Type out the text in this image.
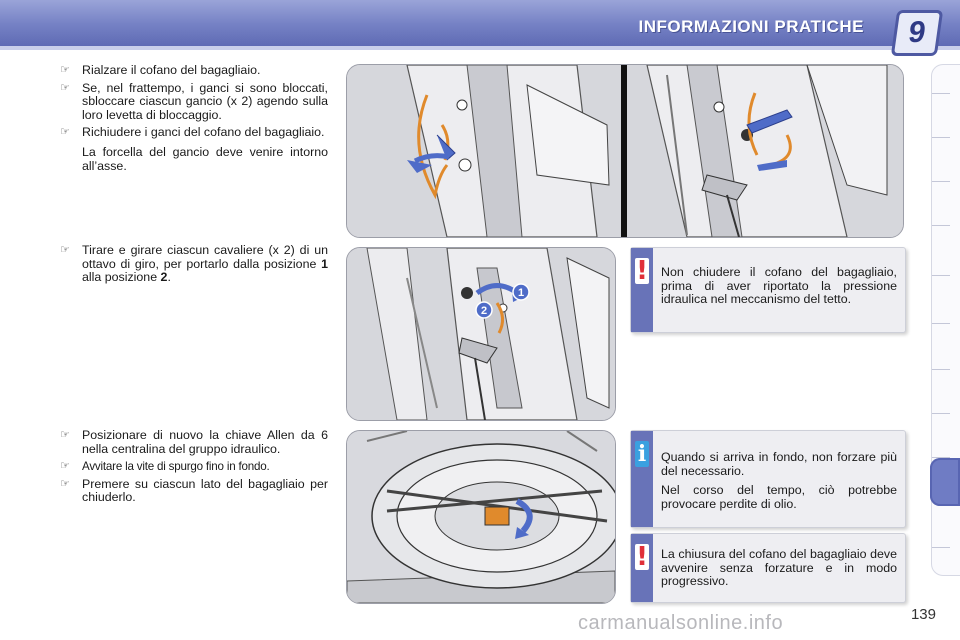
INFORMAZIONI PRATICHE	9
☞ Rialzare il cofano del bagagliaio.
☞ Se, nel frattempo, i ganci si sono bloccati, sbloccare ciascun gancio (x 2) agendo sulla loro levetta di bloccaggio.
☞ Richiudere i ganci del cofano del bagagliaio.
La forcella del gancio deve venire intorno all’asse.
☞ Tirare e girare ciascun cavaliere (x 2) di un ottavo di giro, per portarlo dalla posizione 1 alla posizione 2.
☞ Posizionare di nuovo la chiave Allen da 6 nella centralina del gruppo idraulico.
☞ Avvitare la vite di spurgo fino in fondo.
☞ Premere su ciascun lato del bagagliaio per chiuderlo.
1
2
! Non chiudere il cofano del bagagliaio, prima di aver riportato la pressione idraulica nel meccanismo del tetto.

i Quando si arriva in fondo, non forzare più del necessario.

Nel corso del tempo, ciò potrebbe provocare perdite di olio.

! La chiusura del cofano del bagagliaio deve avvenire senza forzature e in modo progressivo.

carmanualsonline.info	139
